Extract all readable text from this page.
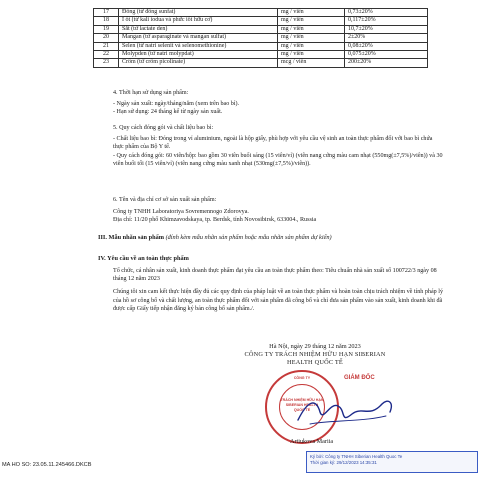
17	Đồng (từ đồng sunfat)	mg / viên	0,73±20%
18	I ốt (từ kali iodua và phức iốt hữu cơ)	mg / viên	0,117±20%
19	Sắt (từ lactate den)	mg / viên	10,7±20%
20	Mangan (từ asparaginate và mangan sulfat)	mg / viên	2±20%
21	Selen (từ natri selenit và selenomethionine)	mg / viên	0,08±20%
22	Molypden (từ natri molypdat)	mg / viên	0,075±20%
23	Crôm (từ crôm picolinate)	mcg / viên	200±20%

4. Thời hạn sử dụng sản phẩm:

- Ngày sản xuất: ngày/tháng/năm (xem trên bao bì).

- Hạn sử dụng: 24 tháng kể từ ngày sản xuất.

5. Quy cách đóng gói và chất liệu bao bì:

- Chất liệu bao bì: Đóng trong vỉ aluminium, ngoài là hộp giấy, phù hợp với yêu cầu vệ sinh an toàn thực phẩm đối với bao bì chứa thực phẩm của Bộ Y tế.

- Quy cách đóng gói: 60 viên/hộp: bao gồm 30 viên buổi sáng (15 viên/vỉ) (viên nang cứng màu cam nhạt (550mg(±7,5%)/viên)) và 30 viên buổi tối (15 viên/vỉ) (viên nang cứng màu xanh nhạt (530mg(±7,5%)/viên)).

6. Tên và địa chỉ cơ sở sản xuất sản phẩm:

Công ty TNHH Laboratoriya Sovremennogo Zdorovya.

Địa chỉ: 11/20 phố Khimzavodskaya, tp. Berdsk, tỉnh Novosibirsk, 633004., Russia

III. Mẫu nhãn sản phẩm (đính kèm mẫu nhãn sản phẩm hoặc mẫu nhãn sản phẩm dự kiến)
IV. Yêu cầu về an toàn thực phẩm

Tổ chức, cá nhân sản xuất, kinh doanh thực phẩm đạt yêu cầu an toàn thực phẩm theo: Tiêu chuẩn nhà sản xuất số 100722/3 ngày 08 tháng 12 năm 2023

Chúng tôi xin cam kết thực hiện đầy đủ các quy định của pháp luật về an toàn thực phẩm và hoàn toàn chịu trách nhiệm về tính pháp lý của hồ sơ công bố và chất lượng, an toàn thực phẩm đối với sản phẩm đã công bố và chỉ đưa sản phẩm vào sản xuất, kinh doanh khi đã được cấp Giấy tiếp nhận đăng ký bản công bố sản phẩm./.

Hà Nội, ngày 29 tháng 12 năm 2023
CÔNG TY TRÁCH NHIỆM HỮU HẠN SIBERIAN
HEALTH QUỐC TẾ
CÔNG TY
TRÁCH NHIỆM HỮU HẠN
SIBERIAN HEALTH
QUỐC TẾ
GIÁM ĐỐC
Artiukova Mariia
MA HO SO: 23.05.11.245466.DKCB
Ký bởi: Công ty TNHH Siberian Health Quoc Te
Thời gian ký: 29/12/2023 14:35:31
